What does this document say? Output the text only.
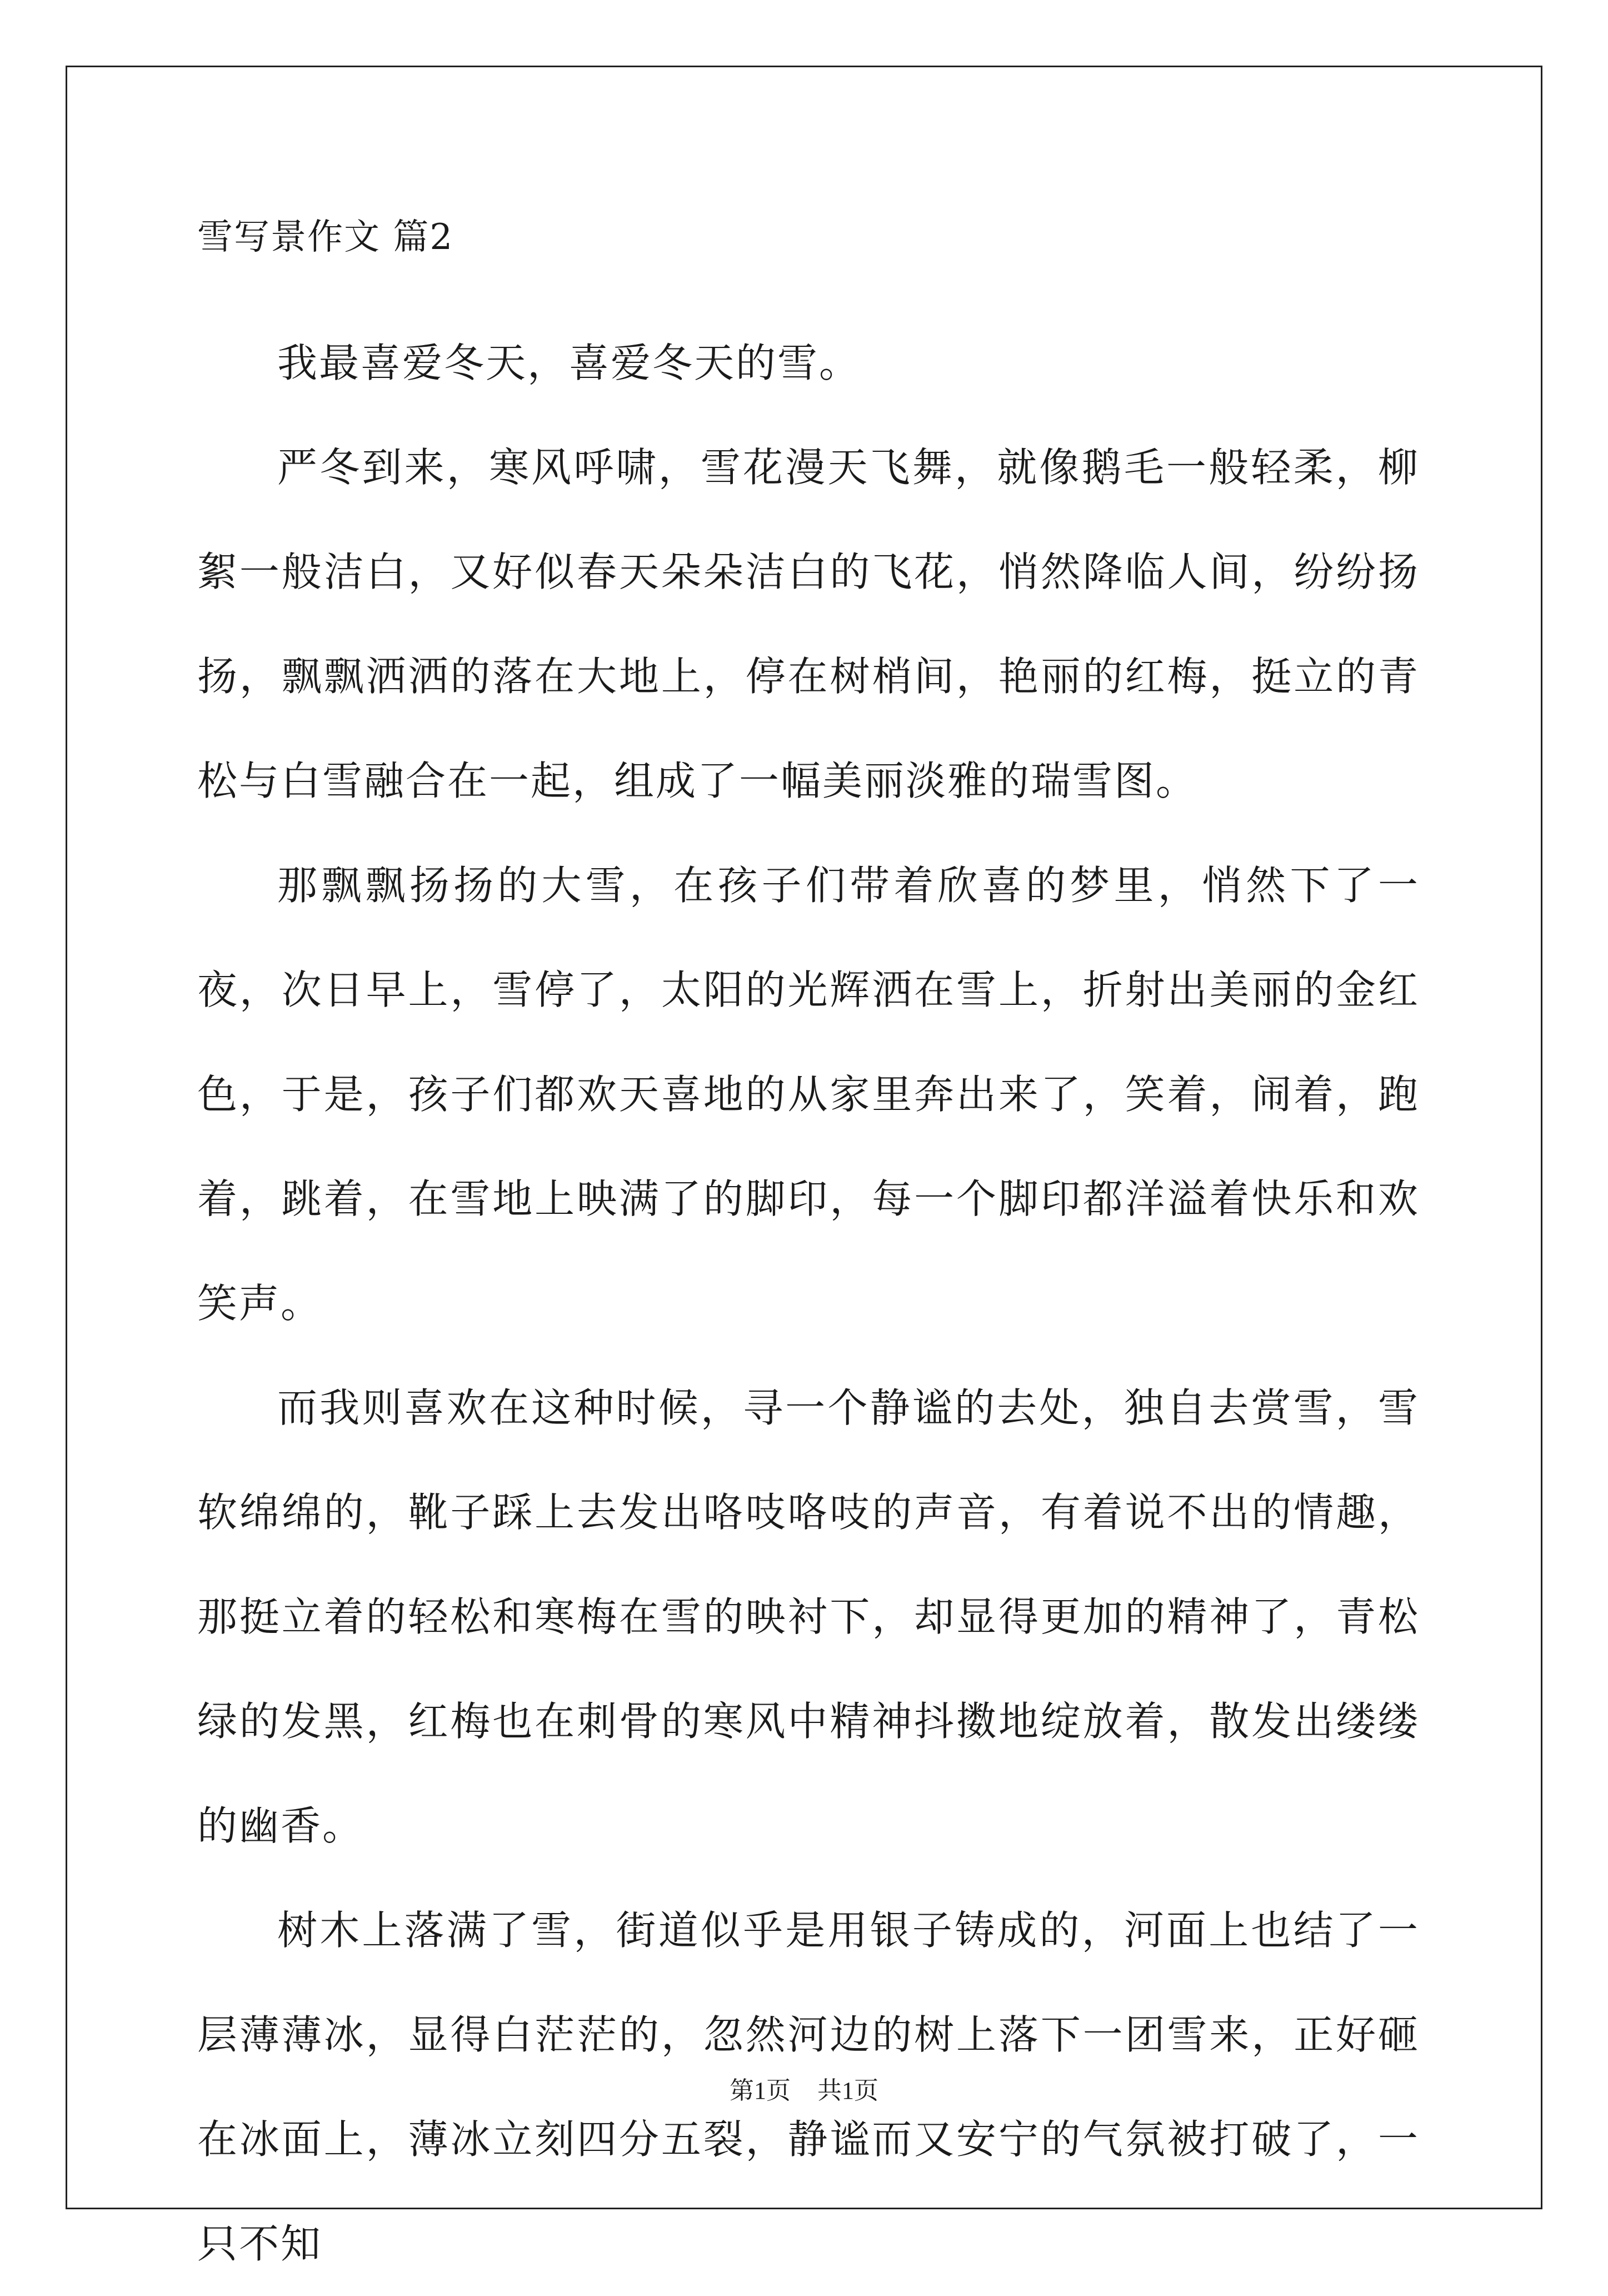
雪写景作文 篇2

我最喜爱冬天，喜爱冬天的雪。

严冬到来，寒风呼啸，雪花漫天飞舞，就像鹅毛一般轻柔，柳絮一般洁白，又好似春天朵朵洁白的飞花，悄然降临人间，纷纷扬扬，飘飘洒洒的落在大地上，停在树梢间，艳丽的红梅，挺立的青松与白雪融合在一起，组成了一幅美丽淡雅的瑞雪图。

那飘飘扬扬的大雪，在孩子们带着欣喜的梦里，悄然下了一夜，次日早上，雪停了，太阳的光辉洒在雪上，折射出美丽的金红色，于是，孩子们都欢天喜地的从家里奔出来了，笑着，闹着，跑着，跳着，在雪地上映满了的脚印，每一个脚印都洋溢着快乐和欢笑声。

而我则喜欢在这种时候，寻一个静谧的去处，独自去赏雪，雪软绵绵的，靴子踩上去发出咯吱咯吱的声音，有着说不出的情趣，那挺立着的轻松和寒梅在雪的映衬下，却显得更加的精神了，青松绿的发黑，红梅也在刺骨的寒风中精神抖擞地绽放着，散发出缕缕的幽香。

树木上落满了雪，街道似乎是用银子铸成的，河面上也结了一层薄薄冰，显得白茫茫的，忽然河边的树上落下一团雪来，正好砸在冰面上，薄冰立刻四分五裂，静谧而又安宁的气氛被打破了，一只不知

第1页 共1页
